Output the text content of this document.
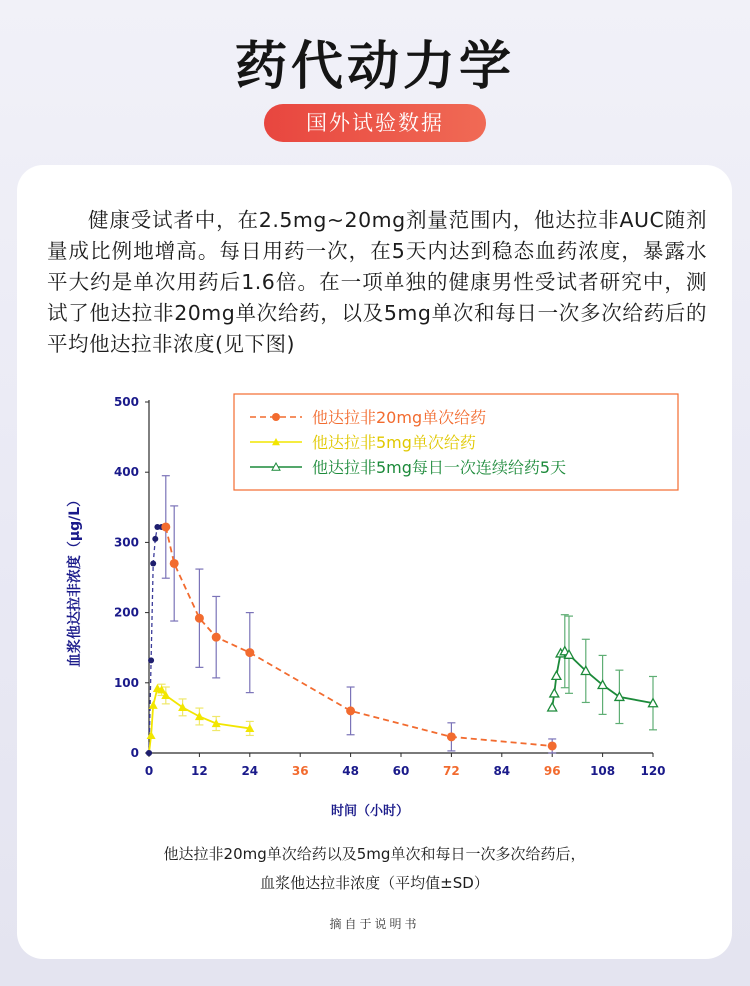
药代动力学
国外试验数据
健康受试者中，在2.5mg~20mg剂量范围内，他达拉非AUC随剂量成比例地增高。每日用药一次，在5天内达到稳态血药浓度，暴露水平大约是单次用药后1.6倍。在一项单独的健康男性受试者研究中，测试了他达拉非20mg单次给药，以及5mg单次和每日一次多次给药后的平均他达拉非浓度(见下图)
0
100
200
300
400
500
0	12	24	36	48	60	72	84	96 108 120
时间（小时）
血浆他达拉非浓度（μg/L）
他达拉非20mg单次给药
他达拉非5mg单次给药
他达拉非5mg每日一次连续给药5天
他达拉非20mg单次给药以及5mg单次和每日一次多次给药后，
血浆他达拉非浓度（平均值±SD）
摘自于说明书
